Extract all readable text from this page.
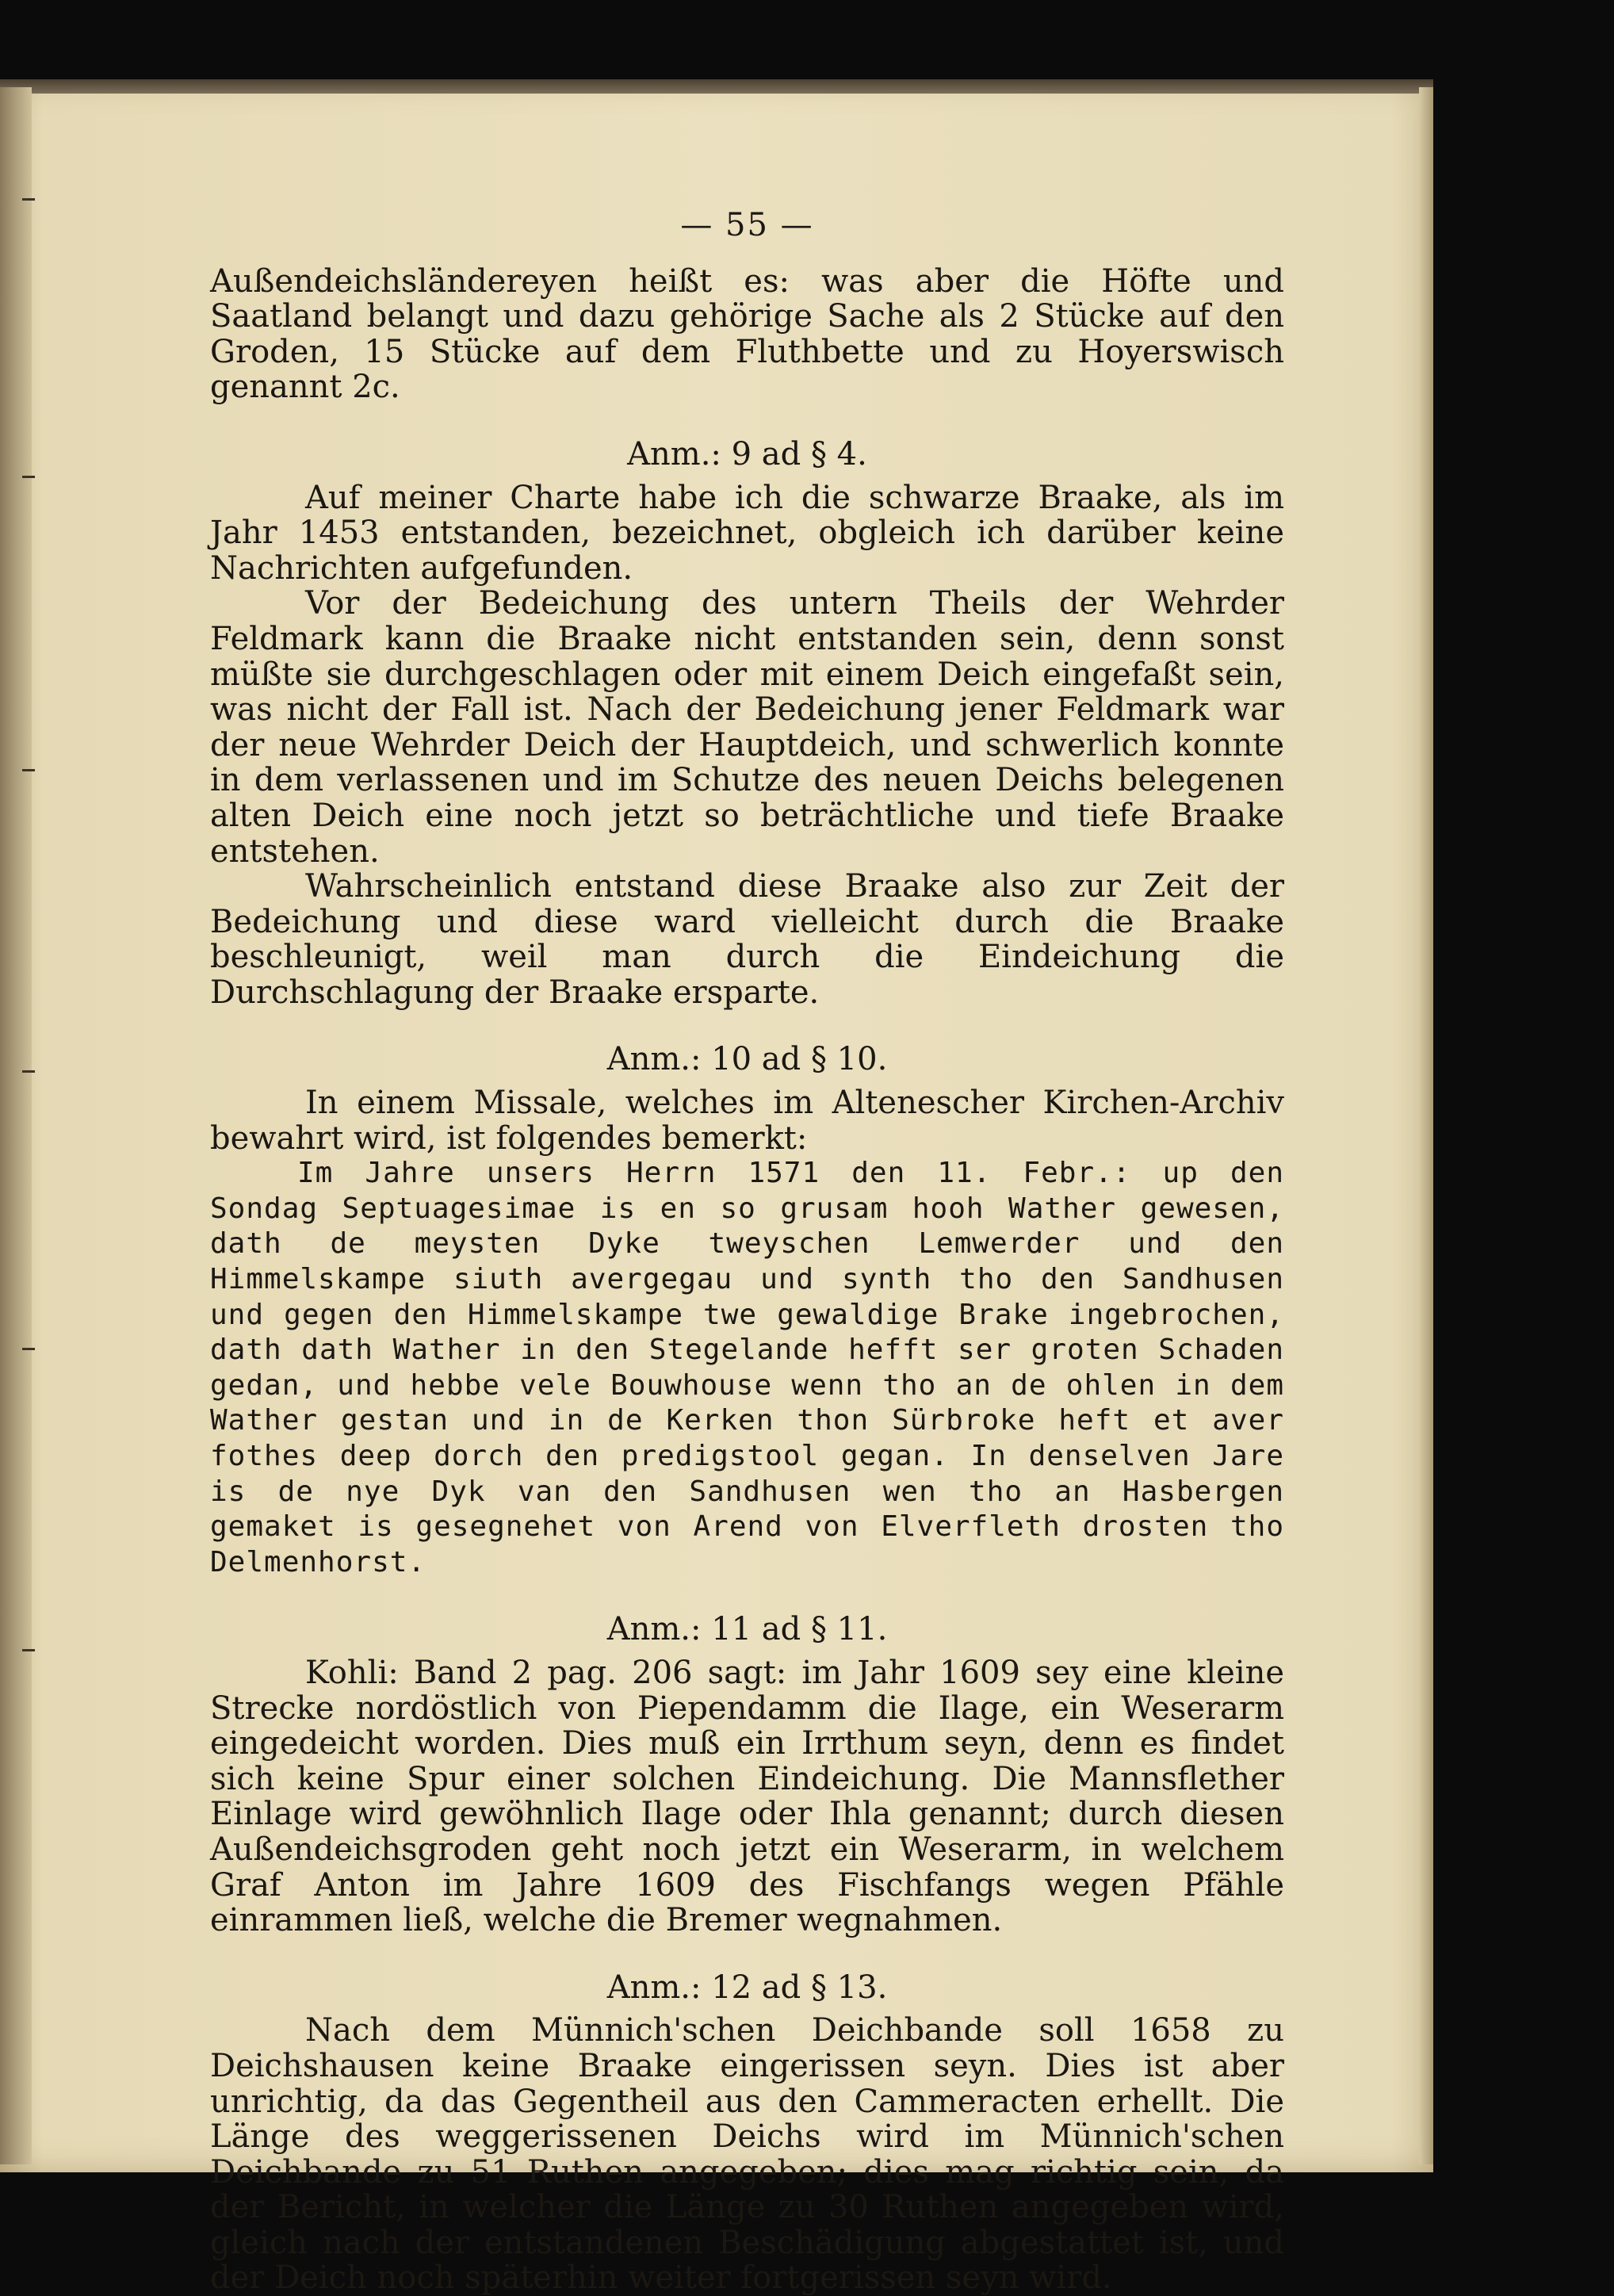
— 55 —

Außendeichsländereyen heißt es: was aber die Höfte und Saatland belangt und dazu gehörige Sache als 2 Stücke auf den Groden, 15 Stücke auf dem Fluthbette und zu Hoyerswisch genannt 2c.

Anm.: 9 ad § 4.

Auf meiner Charte habe ich die schwarze Braake, als im Jahr 1453 entstanden, bezeichnet, obgleich ich darüber keine Nachrichten aufgefunden.

Vor der Bedeichung des untern Theils der Wehrder Feldmark kann die Braake nicht entstanden sein, denn sonst müßte sie durchgeschlagen oder mit einem Deich eingefaßt sein, was nicht der Fall ist. Nach der Bedeichung jener Feldmark war der neue Wehrder Deich der Hauptdeich, und schwerlich konnte in dem verlassenen und im Schutze des neuen Deichs belegenen alten Deich eine noch jetzt so beträchtliche und tiefe Braake entstehen.

Wahrscheinlich entstand diese Braake also zur Zeit der Bedeichung und diese ward vielleicht durch die Braake beschleunigt, weil man durch die Eindeichung die Durchschlagung der Braake ersparte.

Anm.: 10 ad § 10.

In einem Missale, welches im Altenescher Kirchen-Archiv bewahrt wird, ist folgendes bemerkt:

Im Jahre unsers Herrn 1571 den 11. Febr.: up den Sondag Septuagesimae is en so grusam hooh Wather gewesen, dath de meysten Dyke tweyschen Lemwerder und den Himmelskampe siuth avergegau und synth tho den Sandhusen und gegen den Himmelskampe twe gewaldige Brake ingebrochen, dath dath Wather in den Stegelande hefft ser groten Schaden gedan, und hebbe vele Bouwhouse wenn tho an de ohlen in dem Wather gestan und in de Kerken thon Sürbroke heft et aver fothes deep dorch den predigstool gegan. In denselven Jare is de nye Dyk van den Sandhusen wen tho an Hasbergen gemaket is gesegnehet von Arend von Elverfleth drosten tho Delmenhorst.

Anm.: 11 ad § 11.

Kohli: Band 2 pag. 206 sagt: im Jahr 1609 sey eine kleine Strecke nordöstlich von Piependamm die Ilage, ein Weserarm eingedeicht worden. Dies muß ein Irrthum seyn, denn es findet sich keine Spur einer solchen Eindeichung. Die Mannsflether Einlage wird gewöhnlich Ilage oder Ihla genannt; durch diesen Außendeichsgroden geht noch jetzt ein Weserarm, in welchem Graf Anton im Jahre 1609 des Fischfangs wegen Pfähle einrammen ließ, welche die Bremer wegnahmen.

Anm.: 12 ad § 13.

Nach dem Münnich'schen Deichbande soll 1658 zu Deichshausen keine Braake eingerissen seyn. Dies ist aber unrichtig, da das Gegentheil aus den Cammeracten erhellt. Die Länge des weggerissenen Deichs wird im Münnich'schen Deichbande zu 51 Ruthen angegeben; dies mag richtig sein, da der Bericht, in welcher die Länge zu 30 Ruthen angegeben wird, gleich nach der entstandenen Beschädigung abgestattet ist, und der Deich noch späterhin weiter fortgerissen seyn wird.
